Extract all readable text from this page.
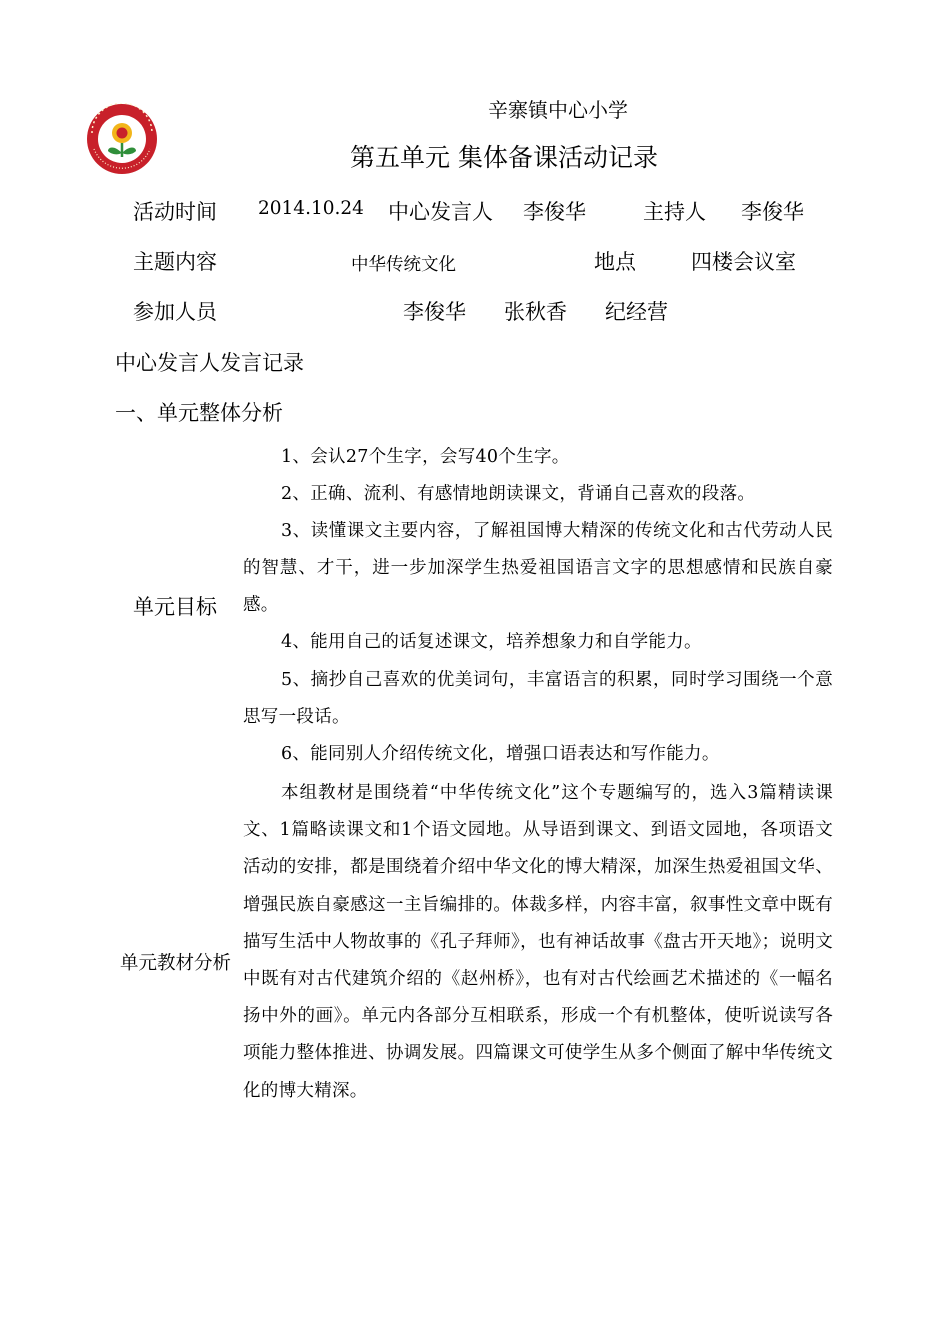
辛寨镇中心小学
第五单元 集体备课活动记录
活动时间 2014.10.24 中心发言人 李俊华	主持人 李俊华
主题内容	中华传统文化	地点	四楼会议室
参加人员	李俊华 张秋香 纪经营
中心发言人发言记录
一、单元整体分析
单元目标

1、会认27个生字，会写40个生字。

2、正确、流利、有感情地朗读课文，背诵自己喜欢的段落。

3、读懂课文主要内容，了解祖国博大精深的传统文化和古代劳动人民的智慧、才干，进一步加深学生热爱祖国语言文字的思想感情和民族自豪感。

4、能用自己的话复述课文，培养想象力和自学能力。

5、摘抄自己喜欢的优美词句，丰富语言的积累，同时学习围绕一个意思写一段话。

6、能同别人介绍传统文化，增强口语表达和写作能力。

单元教材分析

本组教材是围绕着“中华传统文化”这个专题编写的，选入3篇精读课文、1篇略读课文和1个语文园地。从导语到课文、到语文园地，各项语文活动的安排，都是围绕着介绍中华文化的博大精深，加深生热爱祖国文华、增强民族自豪感这一主旨编排的。体裁多样，内容丰富，叙事性文章中既有描写生活中人物故事的《孔子拜师》，也有神话故事《盘古开天地》；说明文中既有对古代建筑介绍的《赵州桥》，也有对古代绘画艺术描述的《一幅名扬中外的画》。单元内各部分互相联系，形成一个有机整体，使听说读写各项能力整体推进、协调发展。四篇课文可使学生从多个侧面了解中华传统文化的博大精深。
